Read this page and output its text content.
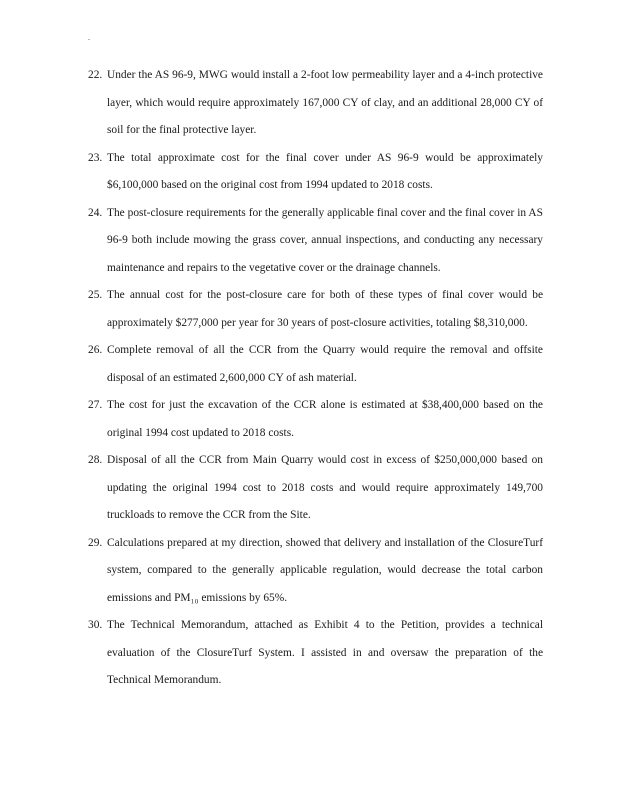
.
22. Under the AS 96-9, MWG would install a 2-foot low permeability layer and a 4-inch protective layer, which would require approximately 167,000 CY of clay, and an additional 28,000 CY of soil for the final protective layer.
23. The total approximate cost for the final cover under AS 96-9 would be approximately $6,100,000 based on the original cost from 1994 updated to 2018 costs.
24. The post-closure requirements for the generally applicable final cover and the final cover in AS 96-9 both include mowing the grass cover, annual inspections, and conducting any necessary maintenance and repairs to the vegetative cover or the drainage channels.
25. The annual cost for the post-closure care for both of these types of final cover would be approximately $277,000 per year for 30 years of post-closure activities, totaling $8,310,000.
26. Complete removal of all the CCR from the Quarry would require the removal and offsite disposal of an estimated 2,600,000 CY of ash material.
27. The cost for just the excavation of the CCR alone is estimated at $38,400,000 based on the original 1994 cost updated to 2018 costs.
28. Disposal of all the CCR from Main Quarry would cost in excess of $250,000,000 based on updating the original 1994 cost to 2018 costs and would require approximately 149,700 truckloads to remove the CCR from the Site.
29. Calculations prepared at my direction, showed that delivery and installation of the ClosureTurf system, compared to the generally applicable regulation, would decrease the total carbon emissions and PM₁₀ emissions by 65%.
30. The Technical Memorandum, attached as Exhibit 4 to the Petition, provides a technical evaluation of the ClosureTurf System. I assisted in and oversaw the preparation of the Technical Memorandum.
